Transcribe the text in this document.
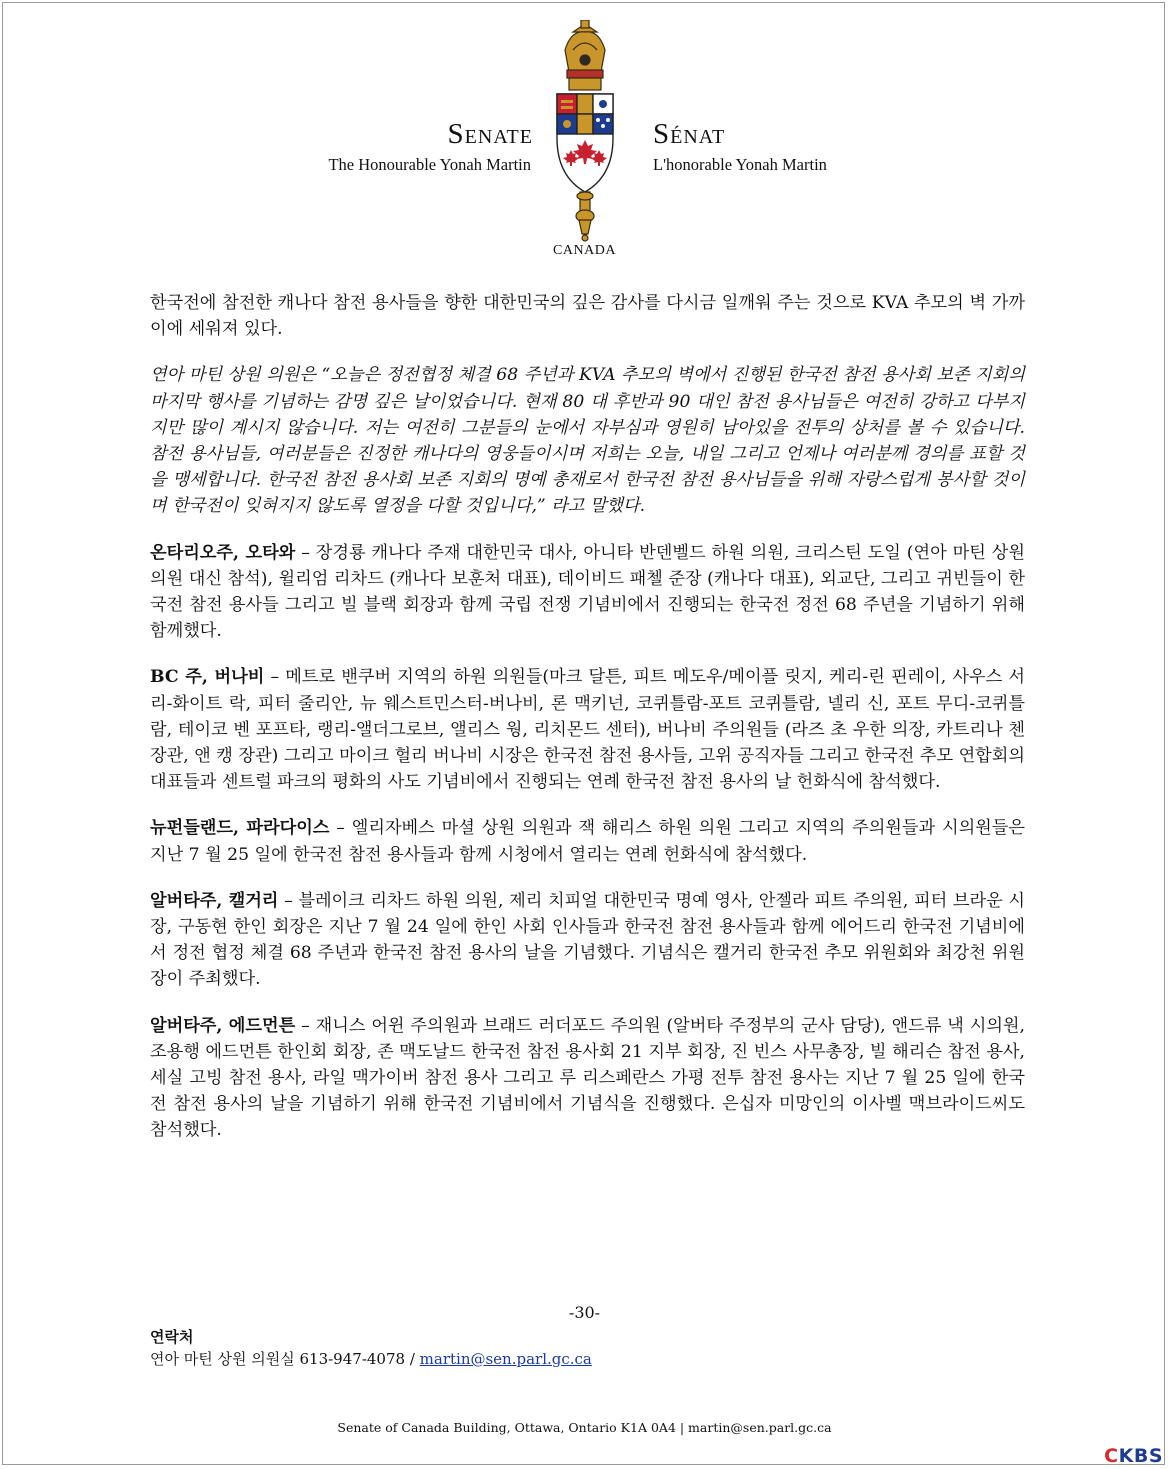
Senate
The Honourable Yonah Martin
Sénat
L'honorable Yonah Martin
CANADA

한국전에 참전한 캐나다 참전 용사들을 향한 대한민국의 깊은 감사를 다시금 일깨워 주는 것으로 KVA 추모의 벽 가까이에 세워져 있다.

연아 마틴 상원 의원은 “오늘은 정전협정 체결 68 주년과 KVA 추모의 벽에서 진행된 한국전 참전 용사회 보존 지회의 마지막 행사를 기념하는 감명 깊은 날이었습니다. 현재 80 대 후반과 90 대인 참전 용사님들은 여전히 강하고 다부지지만 많이 계시지 않습니다. 저는 여전히 그분들의 눈에서 자부심과 영원히 남아있을 전투의 상처를 볼 수 있습니다. 참전 용사님들, 여러분들은 진정한 캐나다의 영웅들이시며 저희는 오늘, 내일 그리고 언제나 여러분께 경의를 표할 것을 맹세합니다. 한국전 참전 용사회 보존 지회의 명예 총재로서 한국전 참전 용사님들을 위해 자랑스럽게 봉사할 것이며 한국전이 잊혀지지 않도록 열정을 다할 것입니다,” 라고 말했다.

온타리오주, 오타와 – 장경룡 캐나다 주재 대한민국 대사, 아니타 반덴벨드 하원 의원, 크리스틴 도일 (연아 마틴 상원 의원 대신 참석), 윌리엄 리차드 (캐나다 보훈처 대표), 데이비드 패첼 준장 (캐나다 대표), 외교단, 그리고 귀빈들이 한국전 참전 용사들 그리고 빌 블랙 회장과 함께 국립 전쟁 기념비에서 진행되는 한국전 정전 68 주년을 기념하기 위해 함께했다.

BC 주, 버나비 – 메트로 밴쿠버 지역의 하원 의원들(마크 달튼, 피트 메도우/메이플 릿지, 케리-린 핀레이, 사우스 서리-화이트 락, 피터 줄리안, 뉴 웨스트민스터-버나비, 론 맥키넌, 코퀴틀람-포트 코퀴틀람, 넬리 신, 포트 무디-코퀴틀람, 테이코 벤 포프타, 랭리-앨더그로브, 앨리스 웡, 리치몬드 센터), 버나비 주의원들 (라즈 초 우한 의장, 카트리나 첸 장관, 앤 캥 장관) 그리고 마이크 헐리 버나비 시장은 한국전 참전 용사들, 고위 공직자들 그리고 한국전 추모 연합회의 대표들과 센트럴 파크의 평화의 사도 기념비에서 진행되는 연례 한국전 참전 용사의 날 헌화식에 참석했다.

뉴펀들랜드, 파라다이스 – 엘리자베스 마셜 상원 의원과 잭 해리스 하원 의원 그리고 지역의 주의원들과 시의원들은 지난 7 월 25 일에 한국전 참전 용사들과 함께 시청에서 열리는 연례 헌화식에 참석했다.

알버타주, 캘거리 – 블레이크 리차드 하원 의원, 제리 치피얼 대한민국 명예 영사, 안젤라 피트 주의원, 피터 브라운 시장, 구동현 한인 회장은 지난 7 월 24 일에 한인 사회 인사들과 한국전 참전 용사들과 함께 에어드리 한국전 기념비에서 정전 협정 체결 68 주년과 한국전 참전 용사의 날을 기념했다. 기념식은 캘거리 한국전 추모 위원회와 최강천 위원장이 주최했다.

알버타주, 에드먼튼 – 재니스 어윈 주의원과 브래드 러더포드 주의원 (알버타 주정부의 군사 담당), 앤드류 낵 시의원, 조용행 에드먼튼 한인회 회장, 존 맥도날드 한국전 참전 용사회 21 지부 회장, 진 빈스 사무총장, 빌 해리슨 참전 용사, 세실 고빙 참전 용사, 라일 맥가이버 참전 용사 그리고 루 리스페란스 가평 전투 참전 용사는 지난 7 월 25 일에 한국전 참전 용사의 날을 기념하기 위해 한국전 기념비에서 기념식을 진행했다. 은십자 미망인의 이사벨 맥브라이드씨도 참석했다.

-30-
연락처
연아 마틴 상원 의원실 613-947-4078 / martin@sen.parl.gc.ca
Senate of Canada Building, Ottawa, Ontario K1A 0A4 | martin@sen.parl.gc.ca
CKBS
